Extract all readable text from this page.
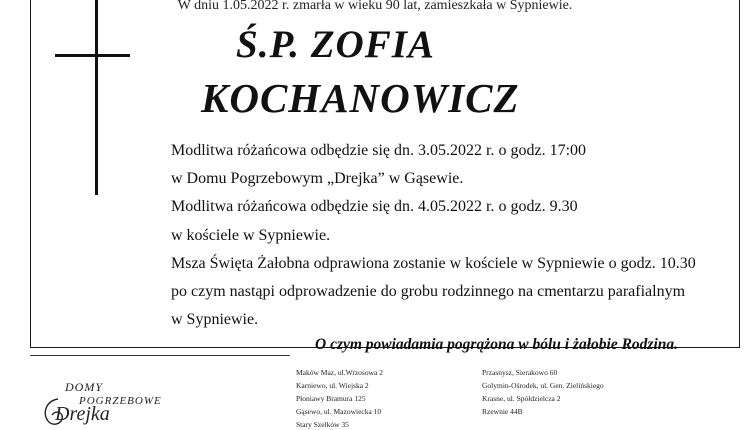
W dniu 1.05.2022 r. zmarła w wieku 90 lat, zamieszkała w Sypniewie.
Ś.P. ZOFIA
KOCHANOWICZ
Modlitwa różańcowa odbędzie się dn. 3.05.2022 r. o godz. 17:00
w Domu Pogrzebowym „Drejka” w Gąsewie.
Modlitwa różańcowa odbędzie się dn. 4.05.2022 r. o godz. 9.30
w kościele w Sypniewie.
Msza Święta Żałobna odprawiona zostanie w kościele w Sypniewie o godz. 10.30
po czym nastąpi odprowadzenie do grobu rodzinnego na cmentarzu parafialnym
w Sypniewie.
O czym powiadamia pogrążona w bólu i żałobie Rodzina.
DOMY
POGRZEBOWE
Drejka
Maków Maz, ul.Wrzosowa 2
Karniewo, ul. Wiejska 2
Płoniawy Bramura 125
Gąsewo, ul. Mazowiecka 10
Stary Szelków 35
Przasnysz, Sierakowo 60
Golymin-Ośrodek, ul. Gen. Zielińskiego
Krasne, ul. Spółdzielcza 2
Rzewnie 44B
